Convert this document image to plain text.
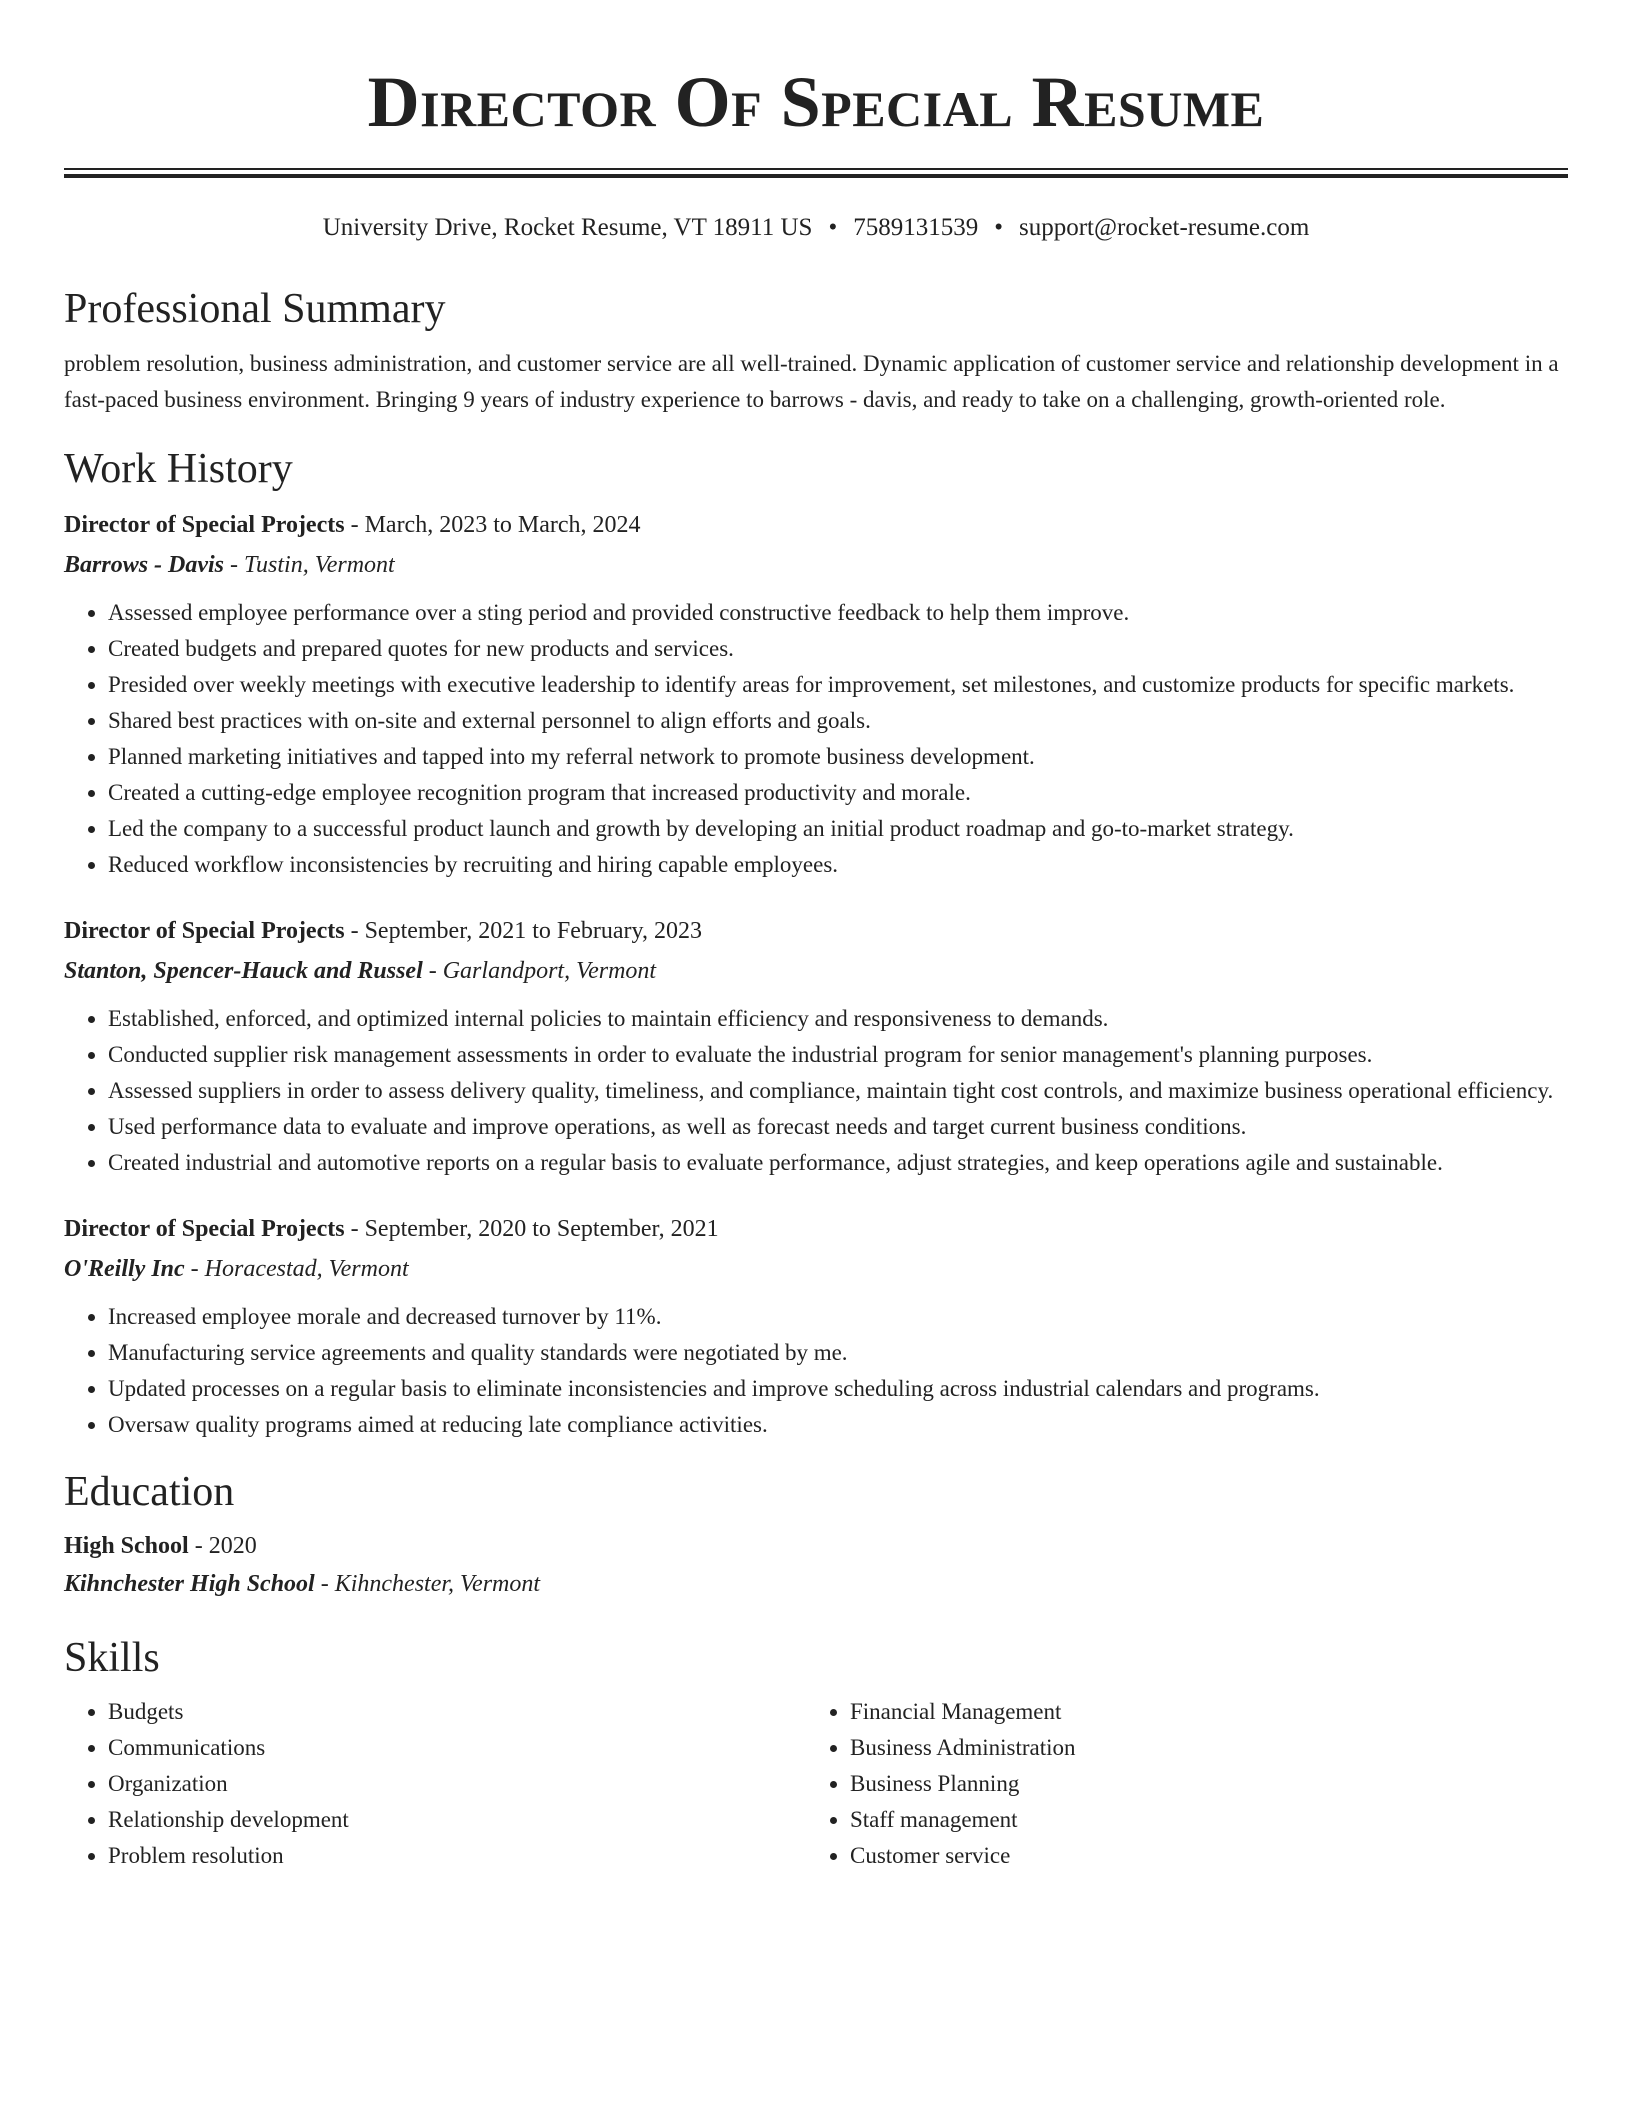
Director Of Special Resume
University Drive, Rocket Resume, VT 18911 US • 7589131539 • support@rocket-resume.com
Professional Summary

problem resolution, business administration, and customer service are all well-trained. Dynamic application of customer service and relationship development in a fast-paced business environment. Bringing 9 years of industry experience to barrows - davis, and ready to take on a challenging, growth-oriented role.

Work History
Director of Special Projects - March, 2023 to March, 2024
Barrows - Davis - Tustin, Vermont
• Assessed employee performance over a sting period and provided constructive feedback to help them improve.
• Created budgets and prepared quotes for new products and services.
• Presided over weekly meetings with executive leadership to identify areas for improvement, set milestones, and customize products for specific markets.
• Shared best practices with on-site and external personnel to align efforts and goals.
• Planned marketing initiatives and tapped into my referral network to promote business development.
• Created a cutting-edge employee recognition program that increased productivity and morale.
• Led the company to a successful product launch and growth by developing an initial product roadmap and go-to-market strategy.
• Reduced workflow inconsistencies by recruiting and hiring capable employees.
Director of Special Projects - September, 2021 to February, 2023
Stanton, Spencer-Hauck and Russel - Garlandport, Vermont
• Established, enforced, and optimized internal policies to maintain efficiency and responsiveness to demands.
• Conducted supplier risk management assessments in order to evaluate the industrial program for senior management's planning purposes.
• Assessed suppliers in order to assess delivery quality, timeliness, and compliance, maintain tight cost controls, and maximize business operational efficiency.
• Used performance data to evaluate and improve operations, as well as forecast needs and target current business conditions.
• Created industrial and automotive reports on a regular basis to evaluate performance, adjust strategies, and keep operations agile and sustainable.
Director of Special Projects - September, 2020 to September, 2021
O'Reilly Inc - Horacestad, Vermont
• Increased employee morale and decreased turnover by 11%.
• Manufacturing service agreements and quality standards were negotiated by me.
• Updated processes on a regular basis to eliminate inconsistencies and improve scheduling across industrial calendars and programs.
• Oversaw quality programs aimed at reducing late compliance activities.
Education
High School - 2020
Kihnchester High School - Kihnchester, Vermont
Skills
• Budgets
• Communications
• Organization
• Relationship development
• Problem resolution
• Financial Management
• Business Administration
• Business Planning
• Staff management
• Customer service
